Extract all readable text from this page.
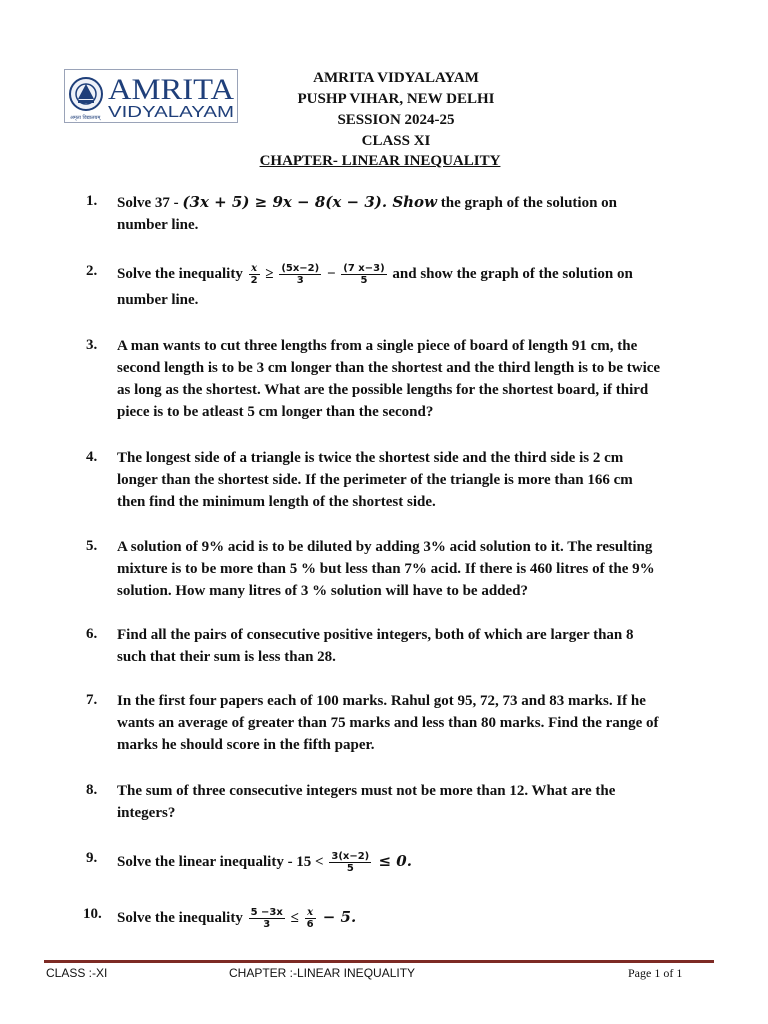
AMRITA
VIDYALAYAM
अमृता विद्यालयम्
AMRITA VIDYALAYAM
PUSHP VIHAR, NEW DELHI
SESSION 2024-25
CLASS XI
CHAPTER- LINEAR INEQUALITY
1. Solve 37 - (3x + 5) ≥ 9x − 8(x − 3). Show the graph of the solution on number line.
2. Solve the inequality $\frac{x}{2} \ge \frac{(5x-2)}{3} - \frac{(7 x-3)}{5}$ and show the graph of the solution on number line.
3. A man wants to cut three lengths from a single piece of board of length 91 cm, the second length is to be 3 cm longer than the shortest and the third length is to be twice as long as the shortest. What are the possible lengths for the shortest board, if third piece is to be atleast 5 cm longer than the second?
4. The longest side of a triangle is twice the shortest side and the third side is 2 cm longer than the shortest side. If the perimeter of the triangle is more than 166 cm then find the minimum length of the shortest side.
5. A solution of 9% acid is to be diluted by adding 3% acid solution to it. The resulting mixture is to be more than 5 % but less than 7% acid. If there is 460 litres of the 9% solution. How many litres of 3 % solution will have to be added?
6. Find all the pairs of consecutive positive integers, both of which are larger than 8 such that their sum is less than 28.
7. In the first four papers each of 100 marks. Rahul got 95, 72, 73 and 83 marks. If he wants an average of greater than 75 marks and less than 80 marks. Find the range of marks he should score in the fifth paper.
8. The sum of three consecutive integers must not be more than 12. What are the integers?
9. Solve the linear inequality - $15 < \frac{3(x-2)}{5} \le 0$.
10. Solve the inequality $\frac{5 -3x}{3} \le \frac{x}{6} - 5$.
CLASS :-XI	CHAPTER :-LINEAR INEQUALITY	Page 1 of 1
